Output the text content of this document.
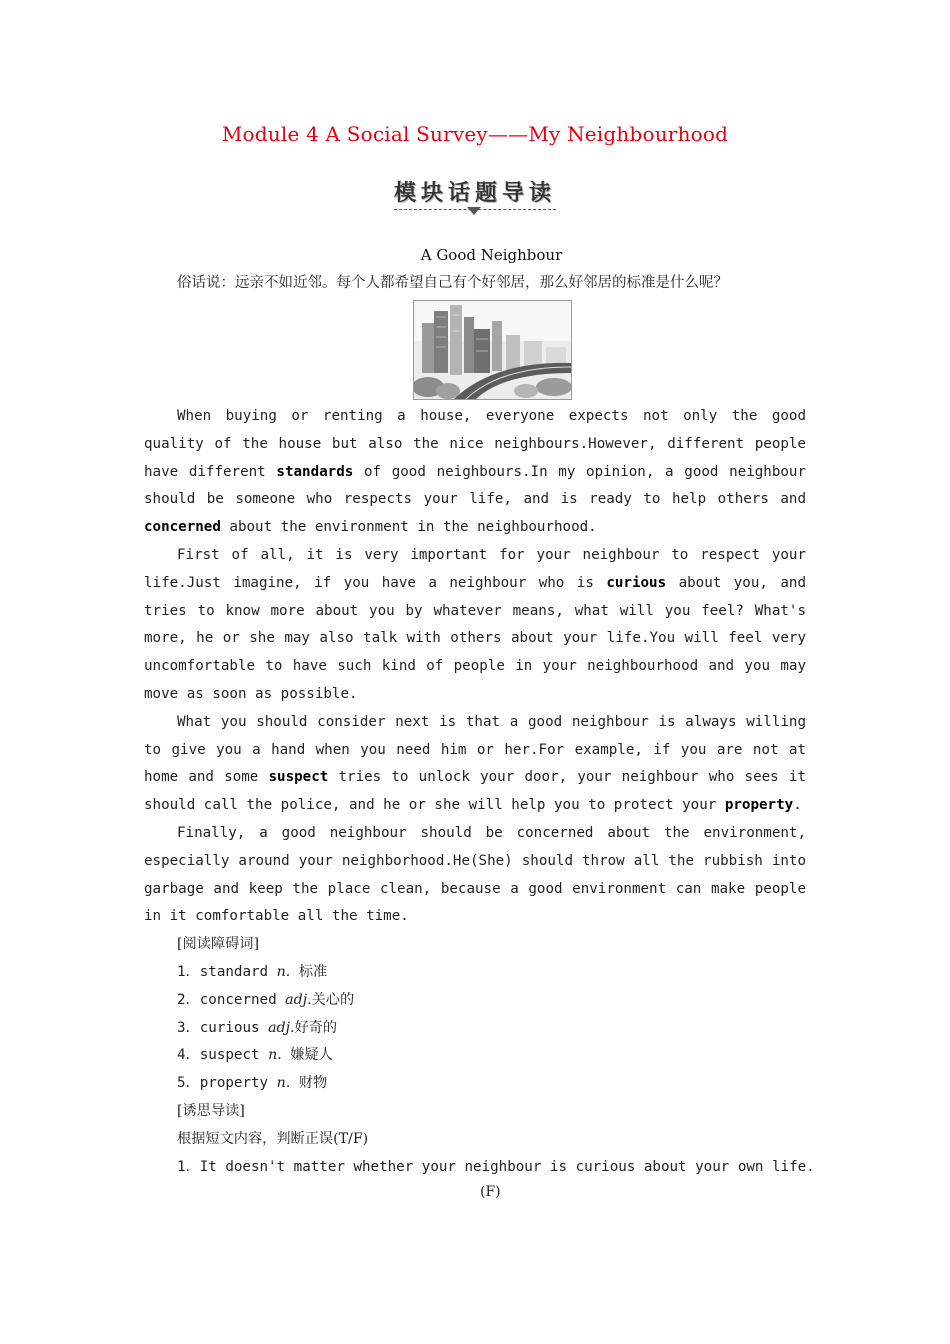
Module 4 A Social Survey——My Neighbourhood
模块话题导读
A Good Neighbour
俗话说：远亲不如近邻。每个人都希望自己有个好邻居，那么好邻居的标准是什么呢？

When buying or renting a house, everyone expects not only the good quality of the house but also the nice neighbours.However, different people have different standards of good neighbours.In my opinion, a good neighbour should be someone who respects your life, and is ready to help others and concerned about the environment in the neighbourhood.

First of all, it is very important for your neighbour to respect your life.Just imagine, if you have a neighbour who is curious about you, and tries to know more about you by whatever means, what will you feel? What's more, he or she may also talk with others about your life.You will feel very uncomfortable to have such kind of people in your neighbourhood and you may move as soon as possible.

What you should consider next is that a good neighbour is always willing to give you a hand when you need him or her.For example, if you are not at home and some suspect tries to unlock your door, your neighbour who sees it should call the police, and he or she will help you to protect your property.

Finally, a good neighbour should be concerned about the environment, especially around your neighborhood.He(She) should throw all the rubbish into garbage and keep the place clean, because a good environment can make people in it comfortable all the time.

[阅读障碍词]
1．standard n. 标准
2．concerned adj.关心的
3．curious adj.好奇的
4．suspect n. 嫌疑人
5．property n. 财物
[诱思导读]
根据短文内容，判断正误(T/F)
1．It doesn't matter whether your neighbour is curious about your own life.
(F)
